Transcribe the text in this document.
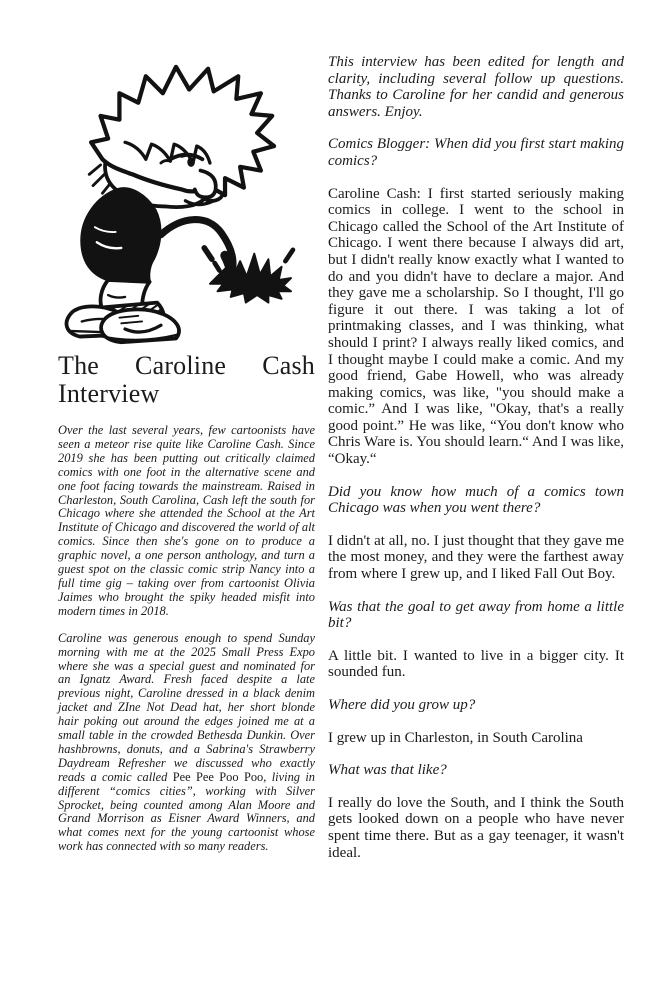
The Caroline Cash Interview

Over the last several years, few cartoonists have seen a meteor rise quite like Caroline Cash. Since 2019 she has been putting out critically claimed comics with one foot in the alternative scene and one foot facing towards the mainstream. Raised in Charleston, South Carolina, Cash left the south for Chicago where she attended the School at the Art Institute of Chicago and discovered the world of alt comics. Since then she's gone on to produce a graphic novel, a one person anthology, and turn a guest spot on the classic comic strip Nancy into a full time gig – taking over from cartoonist Olivia Jaimes who brought the spiky headed misfit into modern times in 2018.

Caroline was generous enough to spend Sunday morning with me at the 2025 Small Press Expo where she was a special guest and nominated for an Ignatz Award. Fresh faced despite a late previous night, Caroline dressed in a black denim jacket and ZIne Not Dead hat, her short blonde hair poking out around the edges joined me at a small table in the crowded Bethesda Dunkin. Over hashbrowns, donuts, and a Sabrina's Strawberry Daydream Refresher we discussed who exactly reads a comic called Pee Pee Poo Poo, living in different “comics cities”, working with Silver Sprocket, being counted among Alan Moore and Grand Morrison as Eisner Award Winners, and what comes next for the young cartoonist whose work has connected with so many readers.

This interview has been edited for length and clarity, including several follow up questions. Thanks to Caroline for her candid and generous answers. Enjoy.

Comics Blogger: When did you first start making comics?

Caroline Cash: I first started seriously making comics in college. I went to the school in Chicago called the School of the Art Institute of Chicago. I went there because I always did art, but I didn't really know exactly what I wanted to do and you didn't have to declare a major. And they gave me a scholarship. So I thought, I'll go figure it out there. I was taking a lot of printmaking classes, and I was thinking, what should I print? I always really liked comics, and I thought maybe I could make a comic. And my good friend, Gabe Howell, who was already making comics, was like, "you should make a comic.” And I was like, "Okay, that's a really good point.” He was like, “You don't know who Chris Ware is. You should learn.“ And I was like, “Okay.“

Did you know how much of a comics town Chicago was when you went there?

I didn't at all, no. I just thought that they gave me the most money, and they were the farthest away from where I grew up, and I liked Fall Out Boy.

Was that the goal to get away from home a little bit?

A little bit. I wanted to live in a bigger city. It sounded fun.

Where did you grow up?

I grew up in Charleston, in South Carolina

What was that like?

I really do love the South, and I think the South gets looked down on a people who have never spent time there. But as a gay teenager, it wasn't ideal.
